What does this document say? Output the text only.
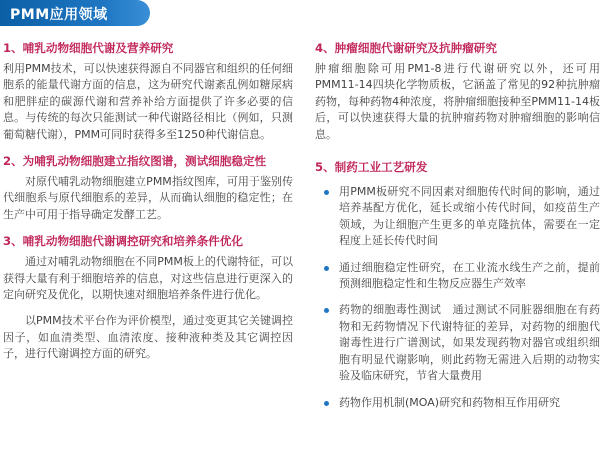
PMM应用领域
1、哺乳动物细胞代谢及营养研究

利用PMM技术，可以快速获得源自不同器官和组织的任何细胞系的能量代谢方面的信息，这为研究代谢紊乱例如糖尿病和肥胖症的碳源代谢和营养补给方面提供了许多必要的信息。与传统的每次只能测试一种代谢路径相比（例如，只测葡萄糖代谢），PMM可同时获得多至1250种代谢信息。

2、为哺乳动物细胞建立指纹图谱，测试细胞稳定性

对原代哺乳动物细胞建立PMM指纹图库，可用于鉴别传代细胞系与原代细胞系的差异，从而确认细胞的稳定性；在生产中可用于指导确定发酵工艺。

3、哺乳动物细胞代谢调控研究和培养条件优化

通过对哺乳动物细胞在不同PMM板上的代谢特征，可以获得大量有利于细胞培养的信息，对这些信息进行更深入的定向研究及优化，以期快速对细胞培养条件进行优化。

以PMM技术平台作为评价模型，通过变更其它关键调控因子，如血清类型、血清浓度、接种液种类及其它调控因子，进行代谢调控方面的研究。

4、肿瘤细胞代谢研究及抗肿瘤研究

肿瘤细胞除可用PM1-8进行代谢研究以外，还可用PMM11-14四块化学物质板，它涵盖了常见的92种抗肿瘤药物，每种药物4种浓度，将肿瘤细胞接种至PMM11-14板后，可以快速获得大量的抗肿瘤药物对肿瘤细胞的影响信息。

5、制药工业工艺研发
用PMM板研究不同因素对细胞传代时间的影响，通过培养基配方优化，延长或缩小传代时间，如疫苗生产领域，为让细胞产生更多的单克隆抗体，需要在一定程度上延长传代时间
通过细胞稳定性研究，在工业流水线生产之前，提前预测细胞稳定性和生物反应器生产效率
药物的细胞毒性测试　通过测试不同脏器细胞在有药物和无药物情况下代谢特征的差异，对药物的细胞代谢毒性进行广谱测试，如果发现药物对器官或组织细胞有明显代谢影响，则此药物无需进入后期的动物实验及临床研究，节省大量费用
药物作用机制(MOA)研究和药物相互作用研究
